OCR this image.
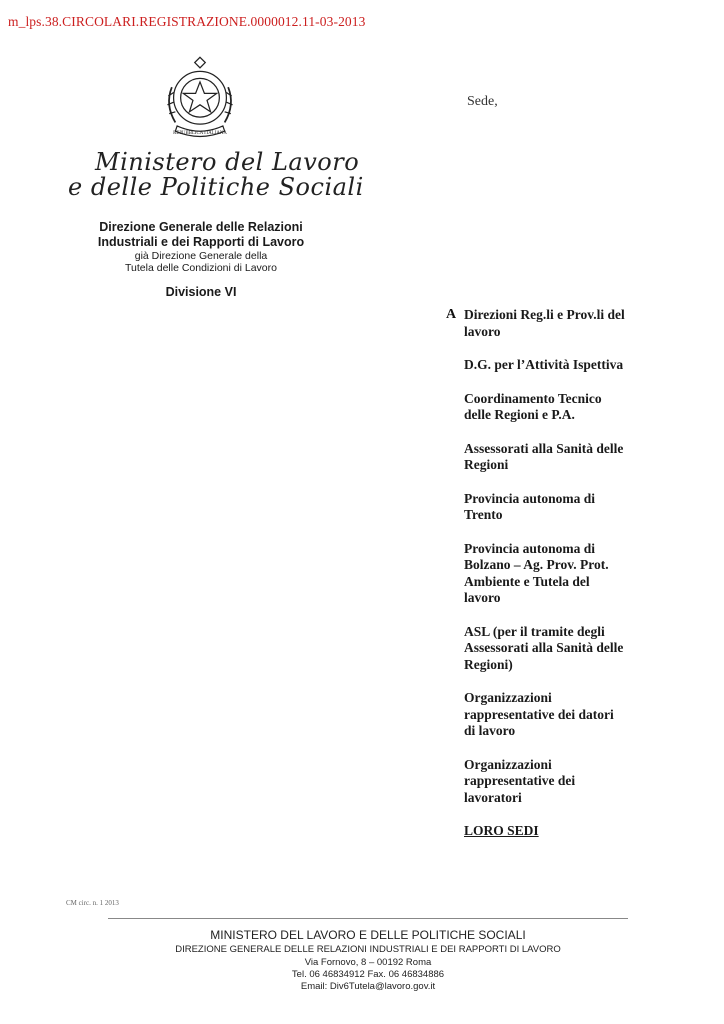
m_lps.38.CIRCOLARI.REGISTRAZIONE.0000012.11-03-2013
REPUBBLICA ITALIANA
Sede,
Ministero del Lavoro
e delle Politiche Sociali
Direzione Generale delle Relazioni
Industriali e dei Rapporti di Lavoro
già Direzione Generale della
Tutela delle Condizioni di Lavoro
Divisione VI
A Direzioni Reg.li e Prov.li del
lavoro
D.G. per l’Attività Ispettiva
Coordinamento Tecnico
delle Regioni e P.A.
Assessorati alla Sanità delle
Regioni
Provincia autonoma di
Trento
Provincia autonoma di
Bolzano – Ag. Prov. Prot.
Ambiente e Tutela del
lavoro
ASL (per il tramite degli
Assessorati alla Sanità delle
Regioni)
Organizzazioni
rappresentative dei datori
di lavoro
Organizzazioni
rappresentative dei
lavoratori
LORO SEDI
CM circ. n. 1 2013
MINISTERO DEL LAVORO E DELLE POLITICHE SOCIALI
DIREZIONE GENERALE DELLE RELAZIONI INDUSTRIALI E DEI RAPPORTI DI LAVORO
Via Fornovo, 8 – 00192 Roma
Tel. 06 46834912 Fax. 06 46834886
Email: Div6Tutela@lavoro.gov.it
